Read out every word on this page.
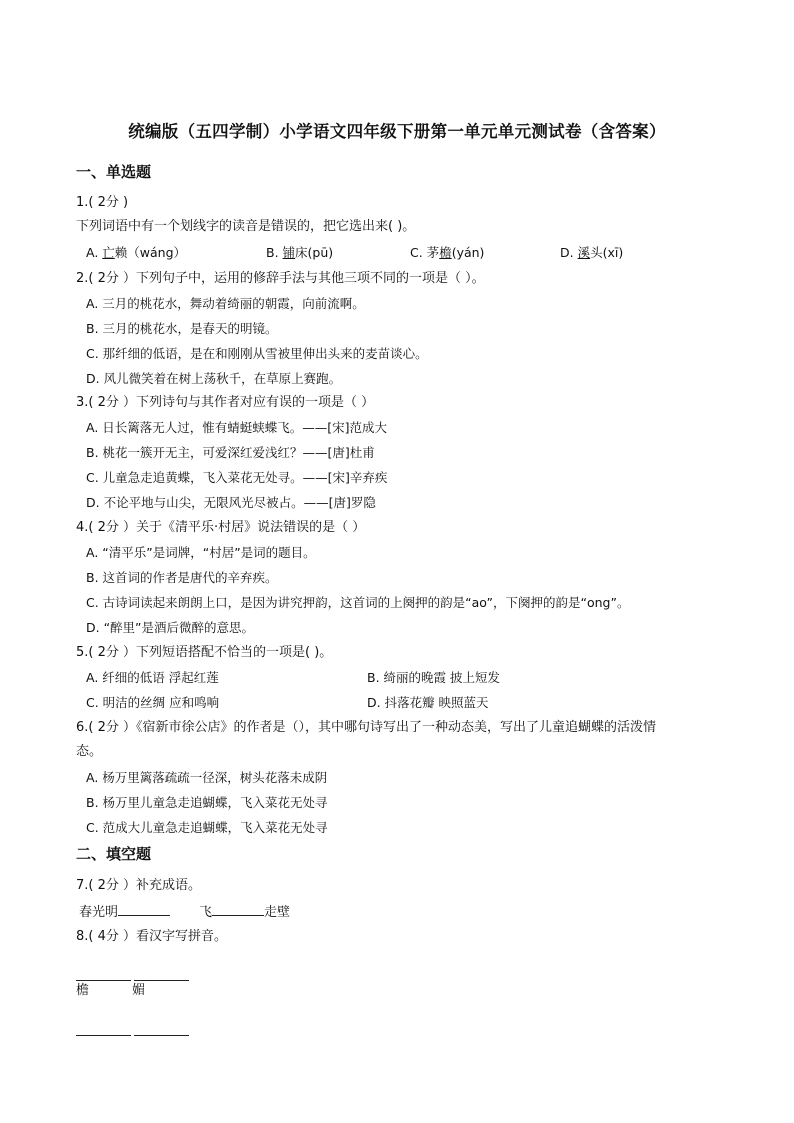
统编版（五四学制）小学语文四年级下册第一单元单元测试卷（含答案）
一、单选题
1.( 2分 )
下列词语中有一个划线字的读音是错误的，把它选出来( )。
A. 亡赖（wáng）	B. 铺床(pū)	C. 茅檐(yán)	D. 溪头(xī)
2.( 2分 ）下列句子中，运用的修辞手法与其他三项不同的一项是（ ）。
A. 三月的桃花水，舞动着绮丽的朝霞，向前流啊。
B. 三月的桃花水，是春天的明镜。
C. 那纤细的低语，是在和刚刚从雪被里伸出头来的麦苗谈心。
D. 风儿微笑着在树上荡秋千，在草原上赛跑。
3.( 2分 ）下列诗句与其作者对应有误的一项是（ ）
A. 日长篱落无人过，惟有蜻蜓蛱蝶飞。——[宋]范成大
B. 桃花一簇开无主，可爱深红爱浅红？——[唐]杜甫
C. 儿童急走追黄蝶，飞入菜花无处寻。——[宋]辛弃疾
D. 不论平地与山尖，无限风光尽被占。——[唐]罗隐
4.( 2分 ）关于《清平乐·村居》说法错误的是（ ）
A. “清平乐”是词牌，“村居”是词的题目。
B. 这首词的作者是唐代的辛弃疾。
C. 古诗词读起来朗朗上口，是因为讲究押韵，这首词的上阕押的韵是“ao”，下阕押的韵是“ong”。
D. “醉里”是酒后微醉的意思。
5.( 2分 ）下列短语搭配不恰当的一项是( )。
A. 纤细的低语 浮起红莲	B. 绮丽的晚霞 披上短发
C. 明洁的丝绸 应和鸣响	D. 抖落花瓣 映照蓝天
6.( 2分 ）《宿新市徐公店》的作者是（），其中哪句诗写出了一种动态美，写出了儿童追蝴蝶的活泼情
态。
A. 杨万里篱落疏疏一径深，树头花落未成阴
B. 杨万里儿童急走追蝴蝶，飞入菜花无处寻
C. 范成大儿童急走追蝴蝶，飞入菜花无处寻
二、填空题
7.( 2分 ）补充成语。
春光明	飞	走壁
8.( 4分 ）看汉字写拼音。
檐	媚
